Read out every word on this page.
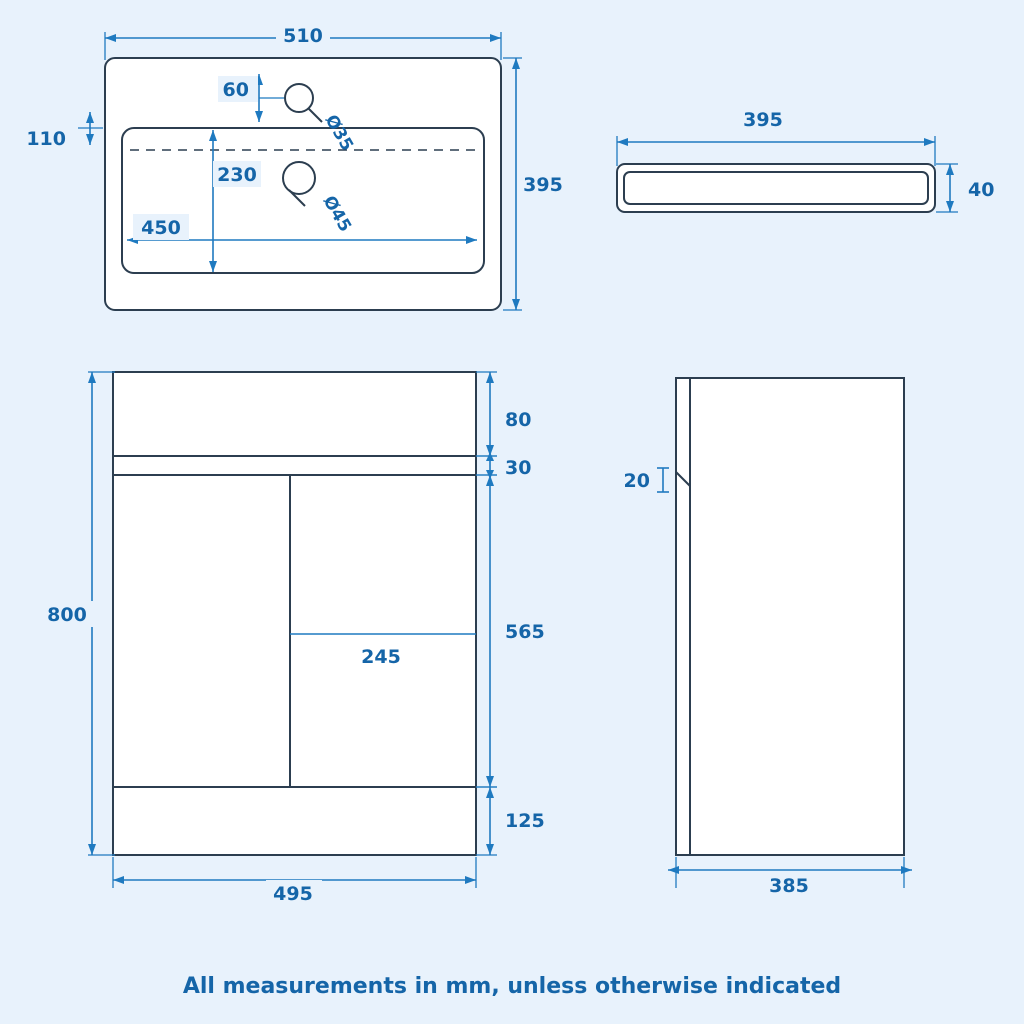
510
395
110
60
Ø35
Ø45
230
450
395
40
800
80
30
565
245
125
495
20
385
All measurements in mm, unless otherwise indicated
